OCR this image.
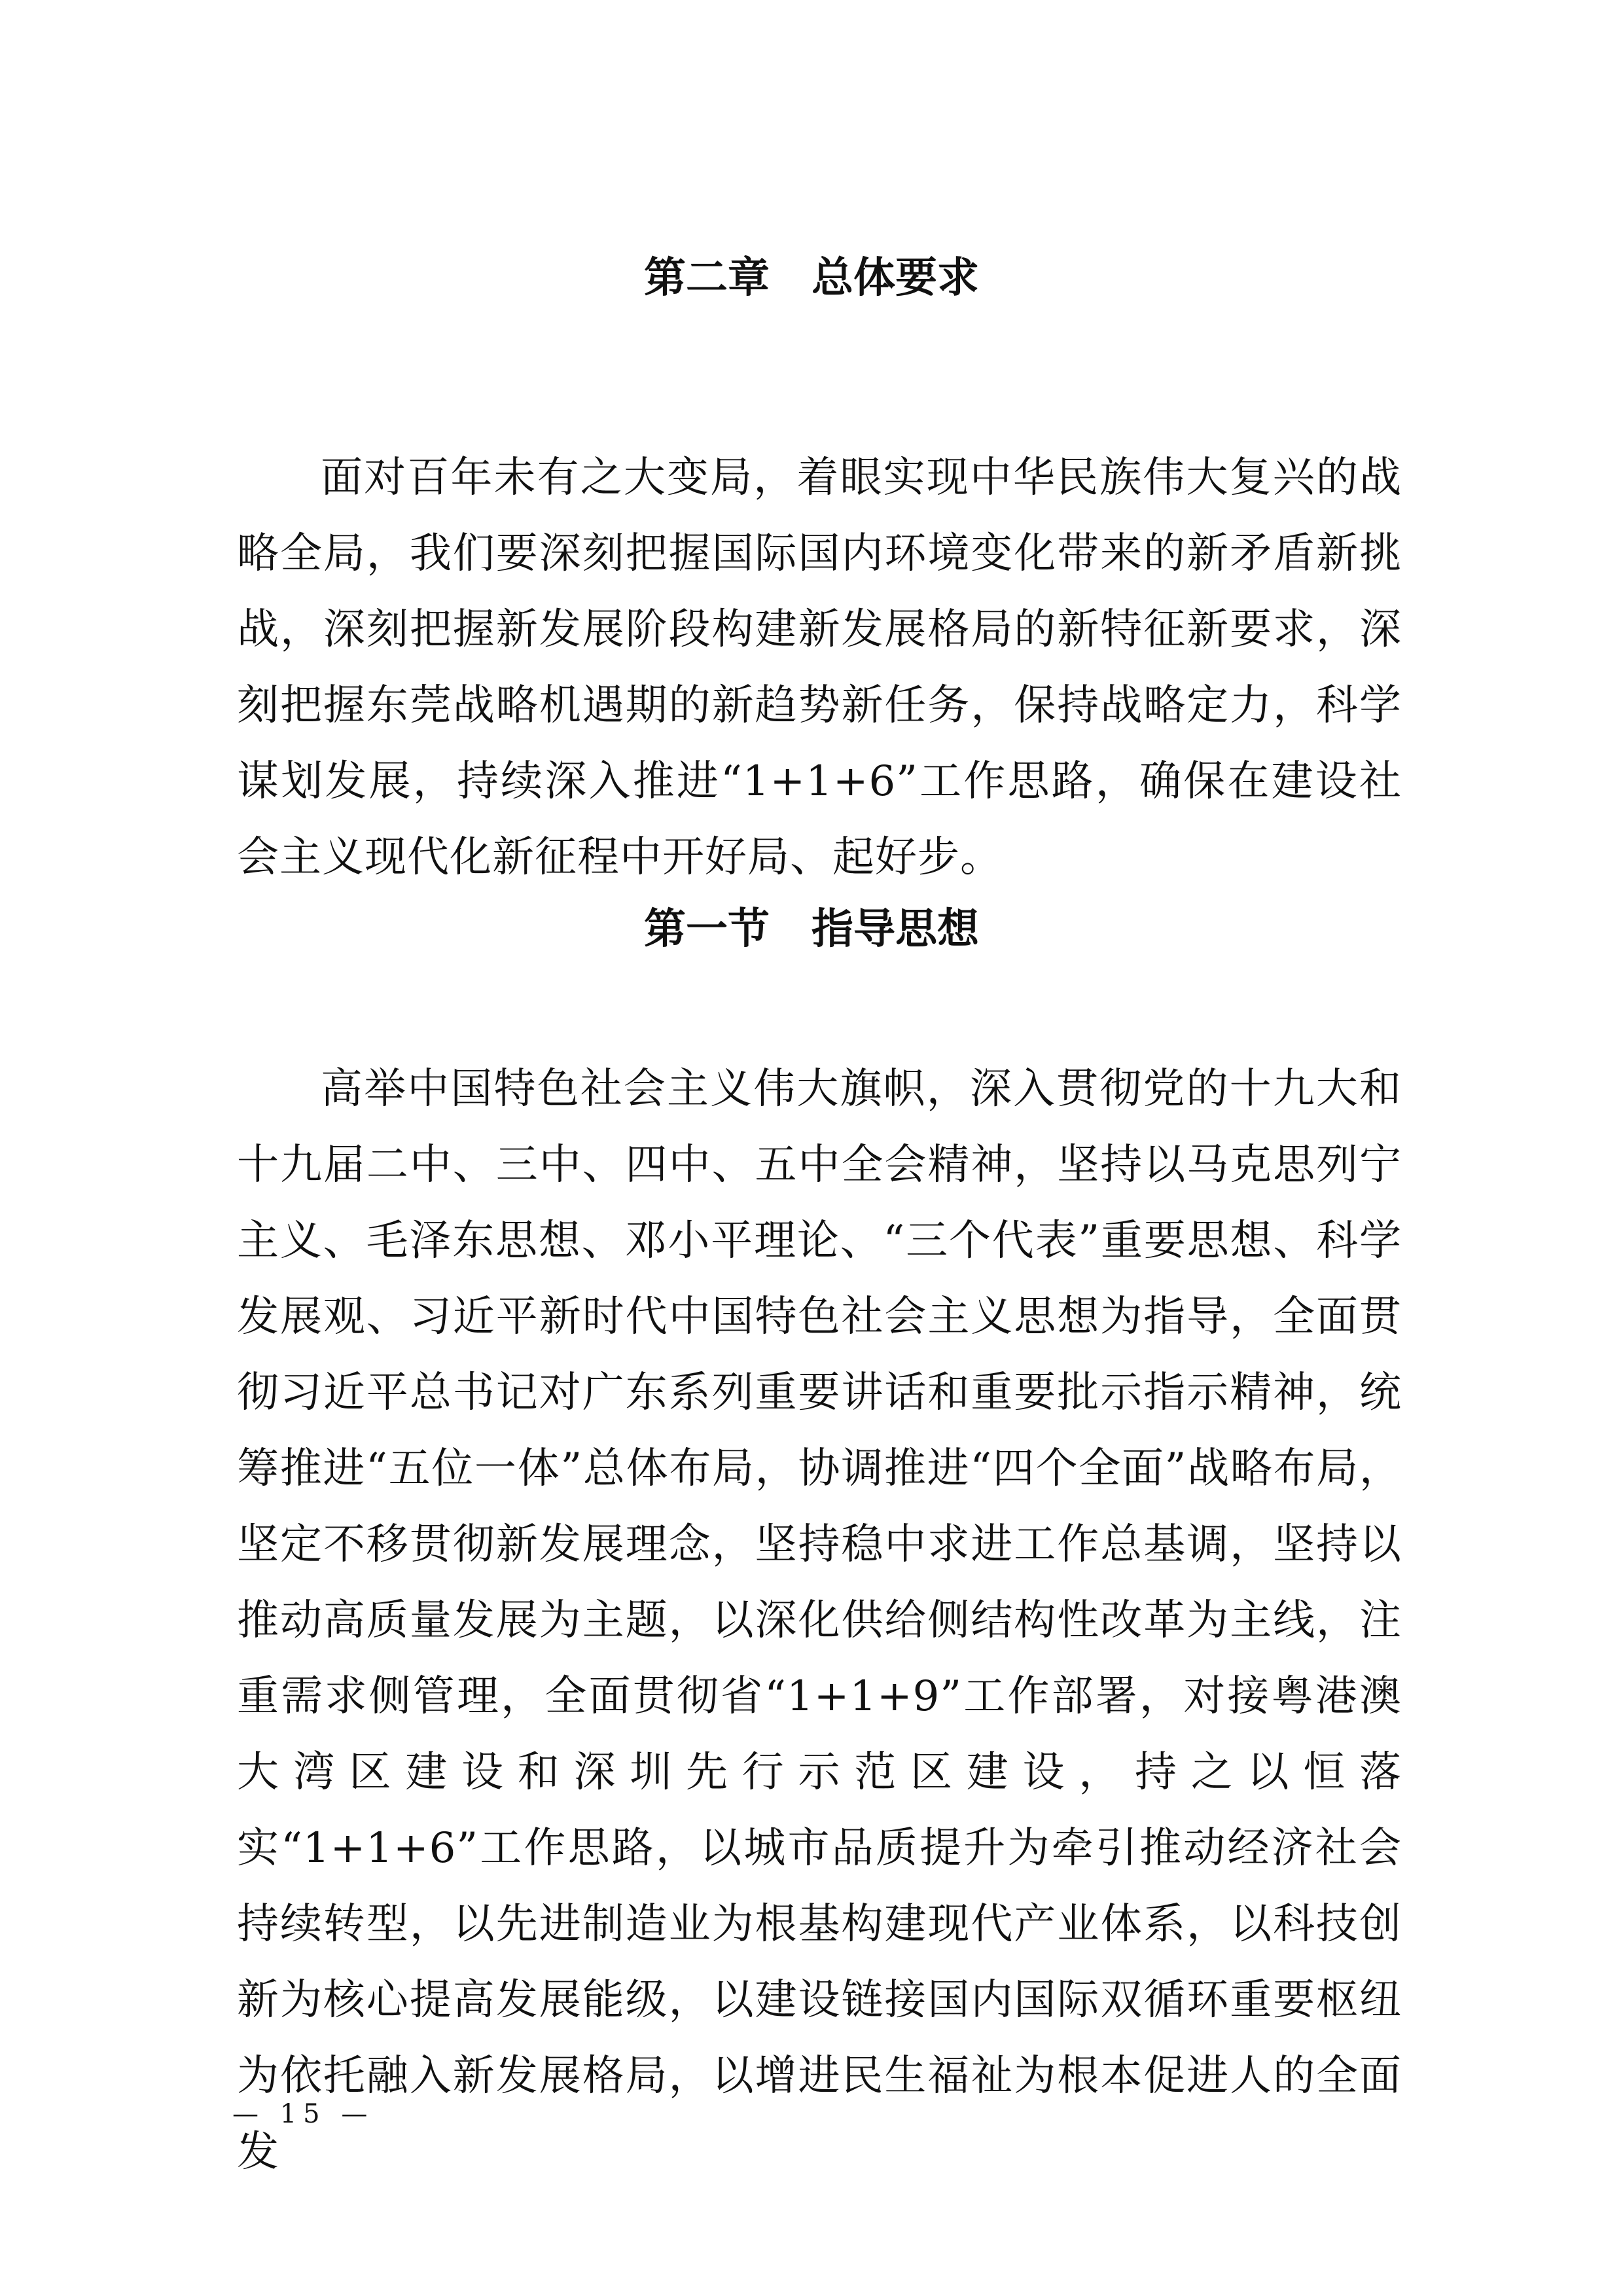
第二章　总体要求

面对百年未有之大变局，着眼实现中华民族伟大复兴的战略全局，我们要深刻把握国际国内环境变化带来的新矛盾新挑战，深刻把握新发展阶段构建新发展格局的新特征新要求，深刻把握东莞战略机遇期的新趋势新任务，保持战略定力，科学谋划发展，持续深入推进“1+1+6”工作思路，确保在建设社会主义现代化新征程中开好局、起好步。

第一节　指导思想

高举中国特色社会主义伟大旗帜，深入贯彻党的十九大和十九届二中、三中、四中、五中全会精神，坚持以马克思列宁主义、毛泽东思想、邓小平理论、“三个代表”重要思想、科学发展观、习近平新时代中国特色社会主义思想为指导，全面贯彻习近平总书记对广东系列重要讲话和重要批示指示精神，统筹推进“五位一体”总体布局，协调推进“四个全面”战略布局，坚定不移贯彻新发展理念，坚持稳中求进工作总基调，坚持以推动高质量发展为主题，以深化供给侧结构性改革为主线，注重需求侧管理，全面贯彻省“1+1+9”工作部署，对接粤港澳大湾区建设和深圳先行示范区建设，持之以恒落实“1+1+6”工作思路，以城市品质提升为牵引推动经济社会持续转型，以先进制造业为根基构建现代产业体系，以科技创新为核心提高发展能级，以建设链接国内国际双循环重要枢纽为依托融入新发展格局，以增进民生福祉为根本促进人的全面发

— 15 —
